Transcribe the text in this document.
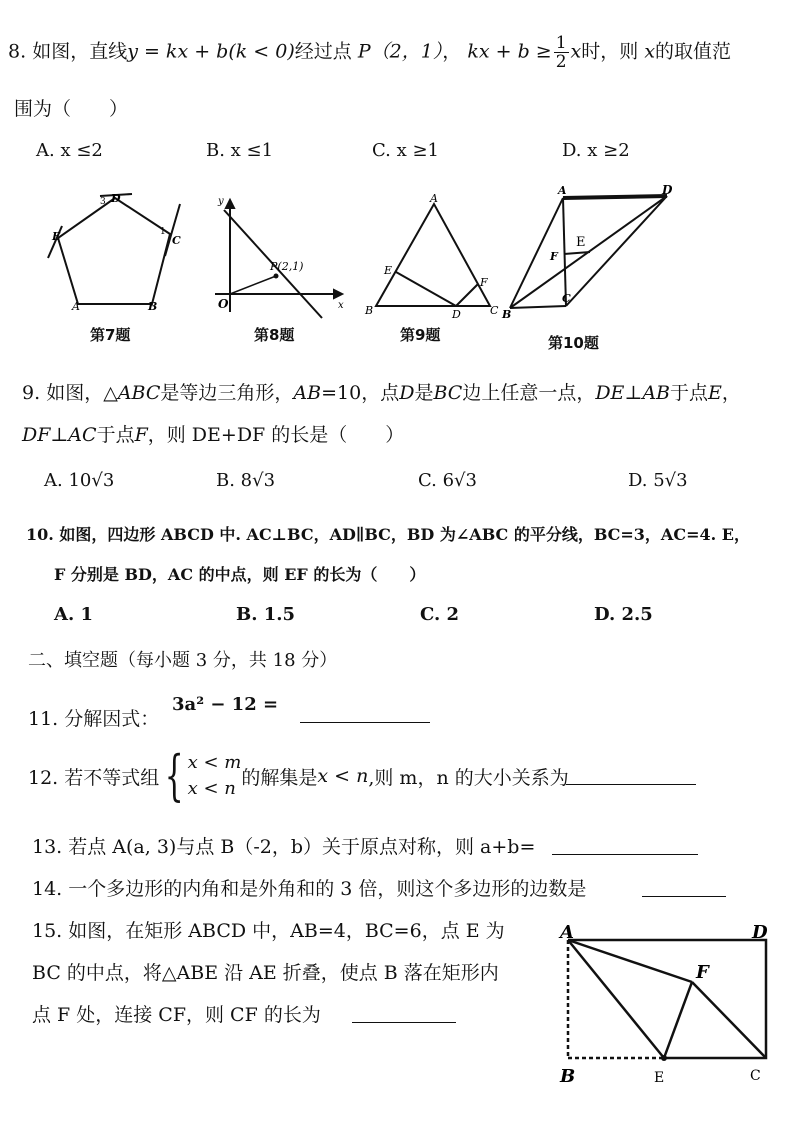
8. 如图，直线y = kx + b(k < 0)经过点 P（2，1）， kx + $b \ge \frac{1}{2}$ x时，则 x的取值范
围为（　　）
A. x ≤2	B. x ≤1	C. x ≥1	D. x ≥2
D
3
C
1
E
A	B
第7题
y
x
O
P(2,1)
第8题
A
B	C
D
E
F
第9题
A	D
E
F
B
C
第10题
9. 如图，△ABC是等边三角形，AB=10，点D是BC边上任意一点，DE⊥AB于点E，
DF⊥AC于点F，则 DE+DF 的长是（　　）
A. 10√3	B. 8√3	C. 6√3	D. 5√3
10. 如图，四边形 ABCD 中. AC⊥BC，AD∥BC，BD 为∠ABC 的平分线，BC=3，AC=4. E，
F 分别是 BD，AC 的中点，则 EF 的长为（　　）
A. 1	B. 1.5	C. 2	D. 2.5
二、填空题（每小题 3 分，共 18 分）
11. 分解因式：
3a² − 12 =
12. 若不等式组 { x < m
x < n 的解集是 x < n ,则 m，n 的大小关系为
13. 若点 A(a, 3)与点 B（-2，b）关于原点对称，则 a+b=
14. 一个多边形的内角和是外角和的 3 倍，则这个多边形的边数是
15. 如图，在矩形 ABCD 中，AB=4，BC=6，点 E 为
BC 的中点，将△ABE 沿 AE 折叠，使点 B 落在矩形内
点 F 处，连接 CF，则 CF 的长为
A	D
F
B	E	C
